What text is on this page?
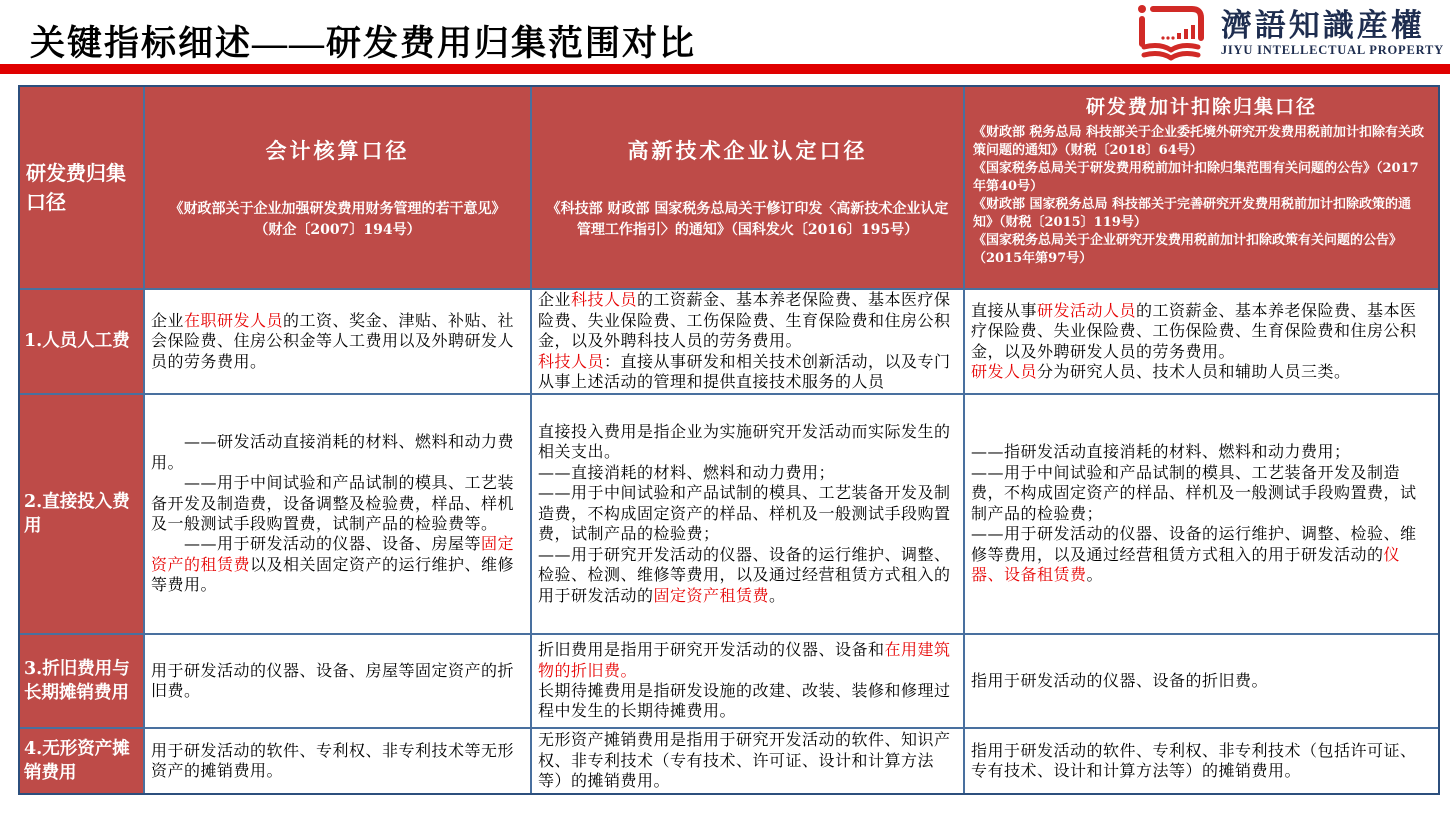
关键指标细述——研发费用归集范围对比	濟語知識産權
JIYU INTELLECTUAL PROPERTY
研发费归集口径
会计核算口径
《财政部关于企业加强研发费用财务管理的若干意见》
（财企〔2007〕194号）
高新技术企业认定口径
《科技部 财政部 国家税务总局关于修订印发〈高新技术企业认定管理工作指引〉的通知》（国科发火〔2016〕195号）
研发费加计扣除归集口径
《财政部 税务总局 科技部关于企业委托境外研究开发费用税前加计扣除有关政策问题的通知》（财税〔2018〕64号）
《国家税务总局关于研发费用税前加计扣除归集范围有关问题的公告》（2017年第40号）
《财政部 国家税务总局 科技部关于完善研究开发费用税前加计扣除政策的通知》（财税〔2015〕119号）
《国家税务总局关于企业研究开发费用税前加计扣除政策有关问题的公告》（2015年第97号）
1.人员人工费

企业在职研发人员的工资、奖金、津贴、补贴、社会保险费、住房公积金等人工费用以及外聘研发人员的劳务费用。

企业科技人员的工资薪金、基本养老保险费、基本医疗保险费、失业保险费、工伤保险费、生育保险费和住房公积金，以及外聘科技人员的劳务费用。

科技人员：直接从事研发和相关技术创新活动，以及专门从事上述活动的管理和提供直接技术服务的人员

直接从事研发活动人员的工资薪金、基本养老保险费、基本医疗保险费、失业保险费、工伤保险费、生育保险费和住房公积金，以及外聘研发人员的劳务费用。

研发人员分为研究人员、技术人员和辅助人员三类。

2.直接投入费用

　　——研发活动直接消耗的材料、燃料和动力费用。

　　——用于中间试验和产品试制的模具、工艺装备开发及制造费，设备调整及检验费，样品、样机及一般测试手段购置费，试制产品的检验费等。

　　——用于研发活动的仪器、设备、房屋等固定资产的租赁费以及相关固定资产的运行维护、维修等费用。

直接投入费用是指企业为实施研究开发活动而实际发生的相关支出。

——直接消耗的材料、燃料和动力费用；

——用于中间试验和产品试制的模具、工艺装备开发及制造费，不构成固定资产的样品、样机及一般测试手段购置费，试制产品的检验费；

——用于研究开发活动的仪器、设备的运行维护、调整、检验、检测、维修等费用，以及通过经营租赁方式租入的用于研发活动的固定资产租赁费。

——指研发活动直接消耗的材料、燃料和动力费用；

——用于中间试验和产品试制的模具、工艺装备开发及制造费，不构成固定资产的样品、样机及一般测试手段购置费，试制产品的检验费；

——用于研发活动的仪器、设备的运行维护、调整、检验、维修等费用，以及通过经营租赁方式租入的用于研发活动的仪器、设备租赁费。

3.折旧费用与长期摊销费用

用于研发活动的仪器、设备、房屋等固定资产的折旧费。

折旧费用是指用于研究开发活动的仪器、设备和在用建筑物的折旧费。

长期待摊费用是指研发设施的改建、改装、装修和修理过程中发生的长期待摊费用。

指用于研发活动的仪器、设备的折旧费。

4.无形资产摊销费用

用于研发活动的软件、专利权、非专利技术等无形资产的摊销费用。

无形资产摊销费用是指用于研究开发活动的软件、知识产权、非专利技术（专有技术、许可证、设计和计算方法等）的摊销费用。

指用于研发活动的软件、专利权、非专利技术（包括许可证、专有技术、设计和计算方法等）的摊销费用。
